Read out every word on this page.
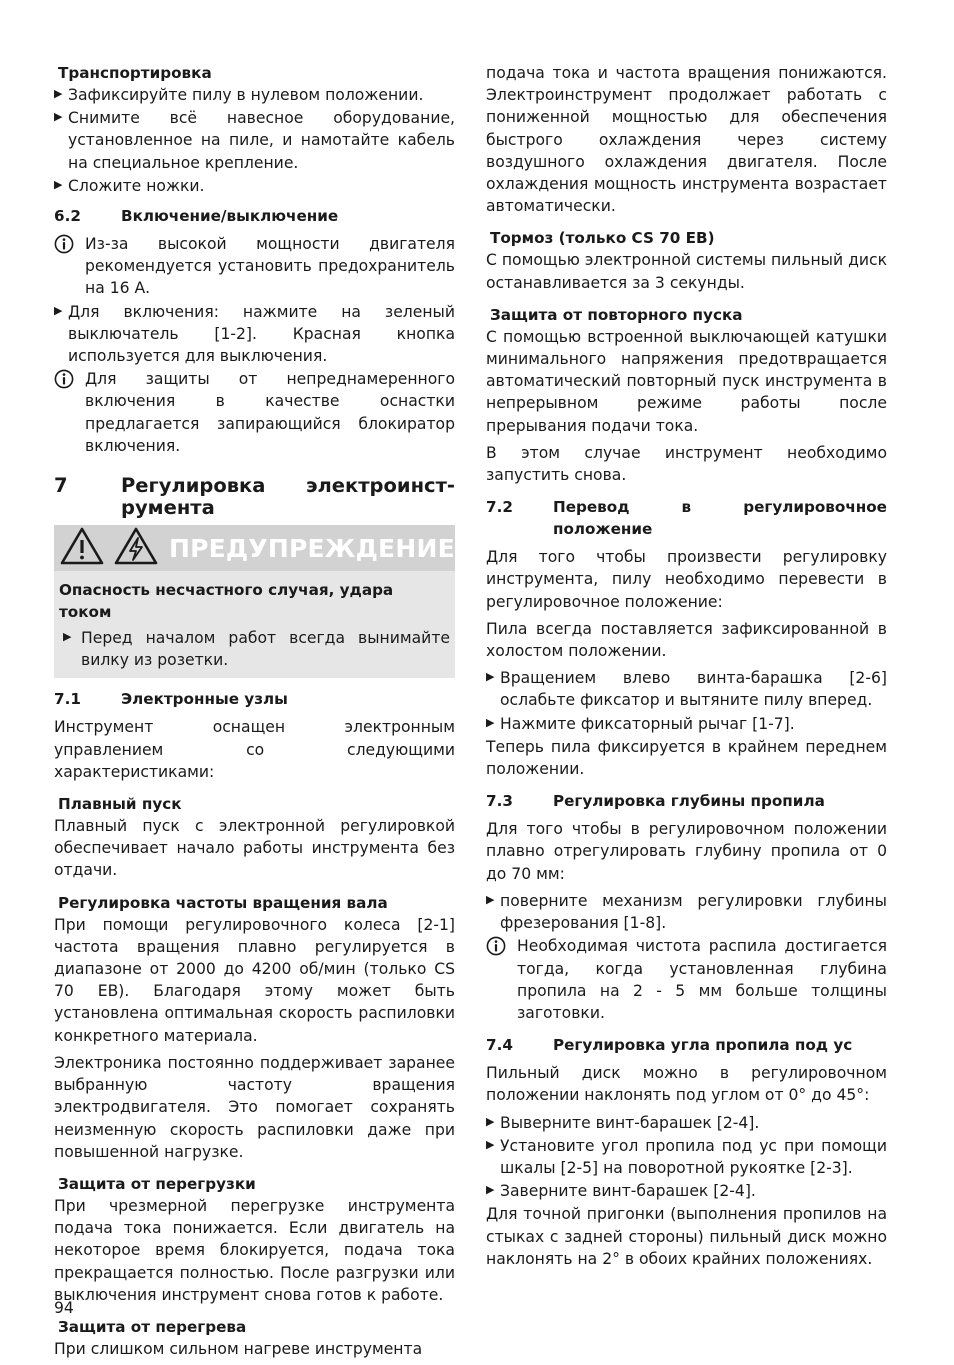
Транспортировка
▶ Зафиксируйте пилу в нулевом положении.
▶ Снимите всё навесное оборудование, установленное на пиле, и намотайте кабель на специальное крепление.
▶ Сложите ножки.
6.2	Включение/выключение
Из-за высокой мощности двигателя рекомендуется установить предохранитель на 16 А.
▶ Для включения: нажмите на зеленый выключатель [1-2]. Красная кнопка используется для выключения.
Для защиты от непреднамеренного включения в качестве оснастки предлагается запирающийся блокиратор включения.
7	Регулировка электроинст-
румента
ПРЕДУПРЕЖДЕНИЕ
Опасность несчастного случая, удара током
▶ Перед началом работ всегда вынимайте вилку из розетки.
7.1	Электронные узлы

Инструмент оснащен электронным управлением со следующими характеристиками:

Плавный пуск

Плавный пуск с электронной регулировкой обеспечивает начало работы инструмента без отдачи.

Регулировка частоты вращения вала

При помощи регулировочного колеса [2-1] частота вращения плавно регулируется в диапазоне от 2000 до 4200 об/мин (только CS 70 EB). Благодаря этому может быть установлена оптимальная скорость распиловки конкретного материала.

Электроника постоянно поддерживает заранее выбранную частоту вращения электродвигателя. Это помогает сохранять неизменную скорость распиловки даже при повышенной нагрузке.

Защита от перегрузки

При чрезмерной перегрузке инструмента подача тока понижается. Если двигатель на некоторое время блокируется, подача тока прекращается полностью. После разгрузки или выключения инструмент снова готов к работе.

Защита от перегрева

При слишком сильном нагреве инструмента

подача тока и частота вращения понижаются. Электроинструмент продолжает работать с пониженной мощностью для обеспечения быстрого охлаждения через систему воздушного охлаждения двигателя. После охлаждения мощность инструмента возрастает автоматически.

Тормоз (только CS 70 EB)

С помощью электронной системы пильный диск останавливается за 3 секунды.

Защита от повторного пуска

С помощью встроенной выключающей катушки минимального напряжения предотвращается автоматический повторный пуск инструмента в непрерывном режиме работы после прерывания подачи тока.

В этом случае инструмент необходимо запустить снова.

7.2	Перевод в регулировочное
положение

Для того чтобы произвести регулировку инструмента, пилу необходимо перевести в регулировочное положение:

Пила всегда поставляется зафиксированной в холостом положении.

▶ Вращением влево винта-барашка [2-6] ослабьте фиксатор и вытяните пилу вперед.
▶ Нажмите фиксаторный рычаг [1-7].

Теперь пила фиксируется в крайнем переднем положении.

7.3	Регулировка глубины пропила

Для того чтобы в регулировочном положении плавно отрегулировать глубину пропила от 0 до 70 мм:

▶ поверните механизм регулировки глубины фрезерования [1-8].
Необходимая чистота распила достигается тогда, когда установленная глубина пропила на 2 - 5 мм больше толщины заготовки.
7.4	Регулировка угла пропила под ус

Пильный диск можно в регулировочном положении наклонять под углом от 0° до 45°:

▶ Выверните винт-барашек [2-4].
▶ Установите угол пропила под ус при помощи шкалы [2-5] на поворотной рукоятке [2-3].
▶ Заверните винт-барашек [2-4].

Для точной пригонки (выполнения пропилов на стыках с задней стороны) пильный диск можно наклонять на 2° в обоих крайних положениях.

94
